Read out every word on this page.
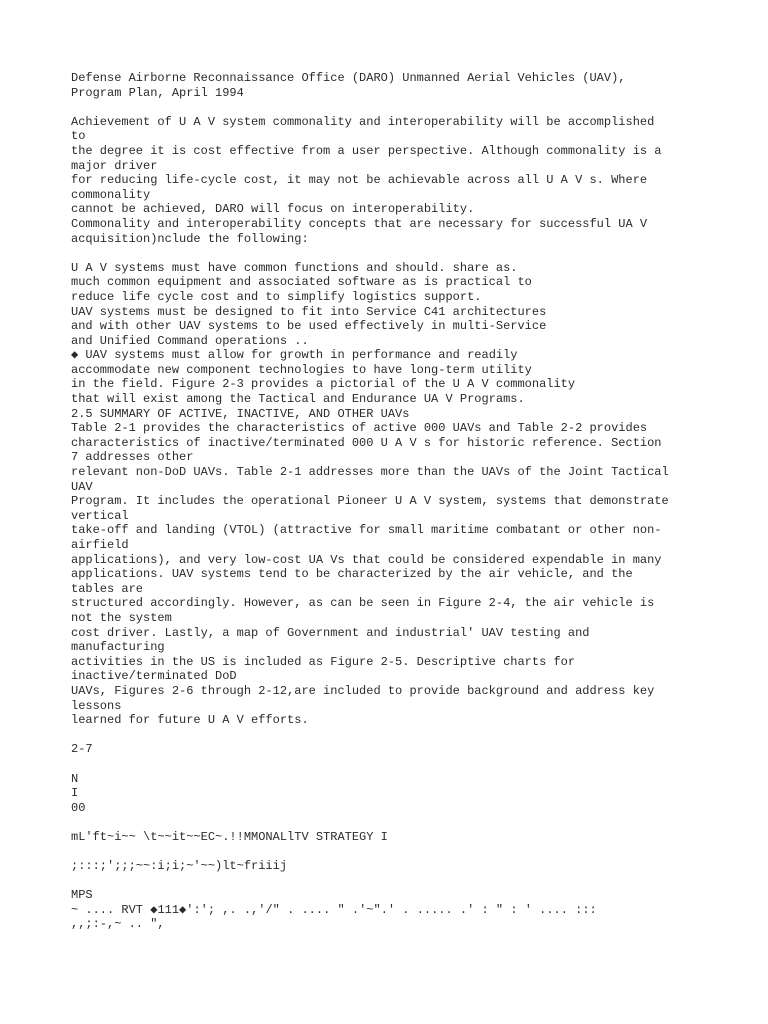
Defense Airborne Reconnaissance Office (DARO) Unmanned Aerial Vehicles (UAV),
Program Plan, April 1994
Achievement of U A V system commonality and interoperability will be accomplished
to
the degree it is cost effective from a user perspective. Although commonality is a
major driver
for reducing life-cycle cost, it may not be achievable across all U A V s. Where
commonality
cannot be achieved, DARO will focus on interoperability.
Commonality and interoperability concepts that are necessary for successful UA V
acquisition)nclude the following:
U A V systems must have common functions and should. share as.
much common equipment and associated software as is practical to
reduce life cycle cost and to simplify logistics support.
UAV systems must be designed to fit into Service C41 architectures
and with other UAV systems to be used effectively in multi-Service
and Unified Command operations ..
◆ UAV systems must allow for growth in performance and readily
accommodate new component technologies to have long-term utility
in the field. Figure 2-3 provides a pictorial of the U A V commonality
that will exist among the Tactical and Endurance UA V Programs.
2.5 SUMMARY OF ACTIVE, INACTIVE, AND OTHER UAVs
Table 2-1 provides the characteristics of active 000 UAVs and Table 2-2 provides
characteristics of inactive/terminated 000 U A V s for historic reference. Section
7 addresses other
relevant non-DoD UAVs. Table 2-1 addresses more than the UAVs of the Joint Tactical
UAV
Program. It includes the operational Pioneer U A V system, systems that demonstrate
vertical
take-off and landing (VTOL) (attractive for small maritime combatant or other non-
airfield
applications), and very low-cost UA Vs that could be considered expendable in many
applications. UAV systems tend to be characterized by the air vehicle, and the
tables are
structured accordingly. However, as can be seen in Figure 2-4, the air vehicle is
not the system
cost driver. Lastly, a map of Government and industrial' UAV testing and
manufacturing
activities in the US is included as Figure 2-5. Descriptive charts for
inactive/terminated DoD
UAVs, Figures 2-6 through 2-12,are included to provide background and address key
lessons
learned for future U A V efforts.
2-7
N
I
00
mL'ft~i~~ \t~~it~~EC~.!!MMONALlTV STRATEGY I
;:::;';;;~~:i;i;~'~~)lt~friiij
MPS
~ .... RVT ◆111◆':'; ,. .,'/" . .... " .'~".' . ..... .' : " : ' .... :::
,,;:-,~ .. ",
